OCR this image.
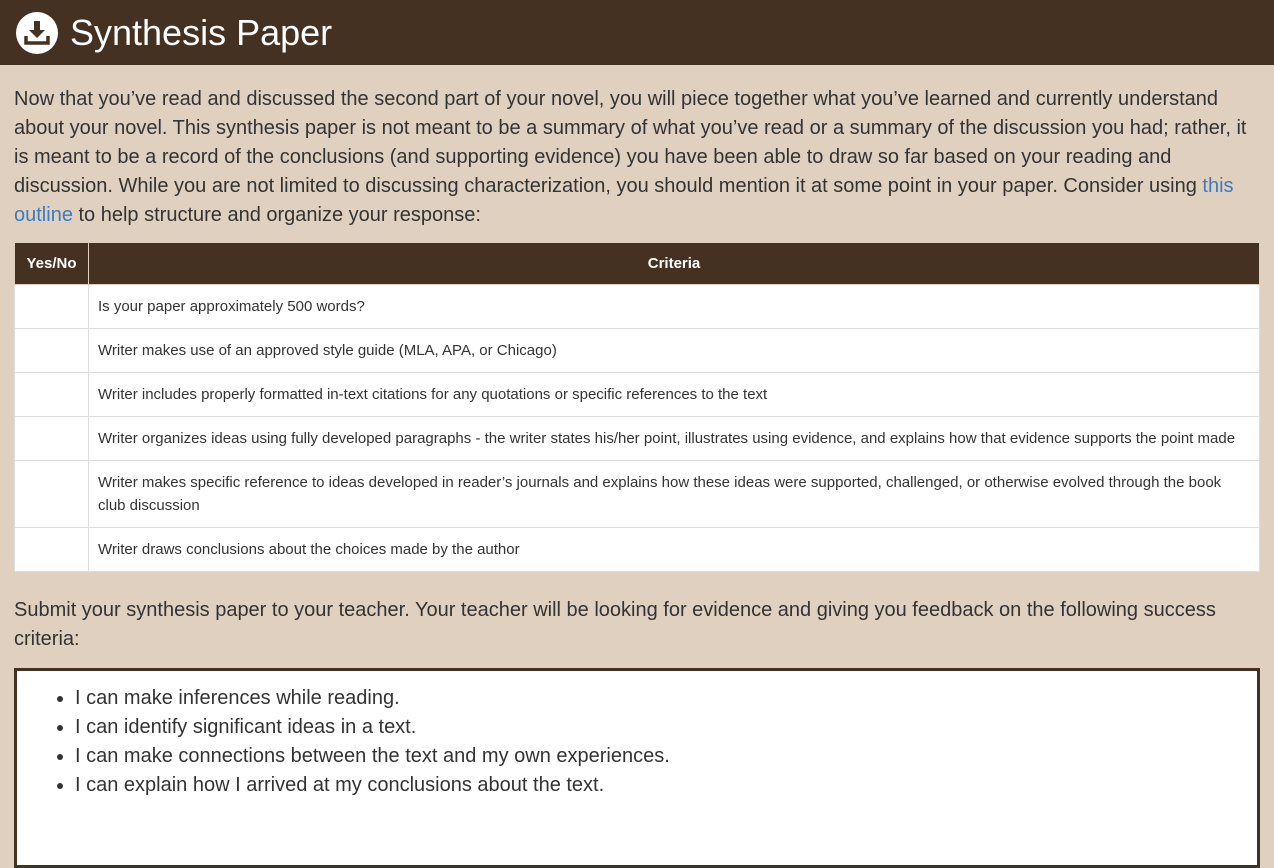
Synthesis Paper

Now that you’ve read and discussed the second part of your novel, you will piece together what you’ve learned and currently understand about your novel. This synthesis paper is not meant to be a summary of what you’ve read or a summary of the discussion you had; rather, it is meant to be a record of the conclusions (and supporting evidence) you have been able to draw so far based on your reading and discussion. While you are not limited to discussing characterization, you should mention it at some point in your paper. Consider using this outline to help structure and organize your response:

Yes/No	Criteria
	Is your paper approximately 500 words?
	Writer makes use of an approved style guide (MLA, APA, or Chicago)
	Writer includes properly formatted in-text citations for any quotations or specific references to the text
	Writer organizes ideas using fully developed paragraphs - the writer states his/her point, illustrates using evidence, and explains how that evidence supports the point made
	Writer makes specific reference to ideas developed in reader’s journals and explains how these ideas were supported, challenged, or otherwise evolved through the book club discussion
	Writer draws conclusions about the choices made by the author

Submit your synthesis paper to your teacher. Your teacher will be looking for evidence and giving you feedback on the following success criteria:

• I can make inferences while reading.
• I can identify significant ideas in a text.
• I can make connections between the text and my own experiences.
• I can explain how I arrived at my conclusions about the text.
